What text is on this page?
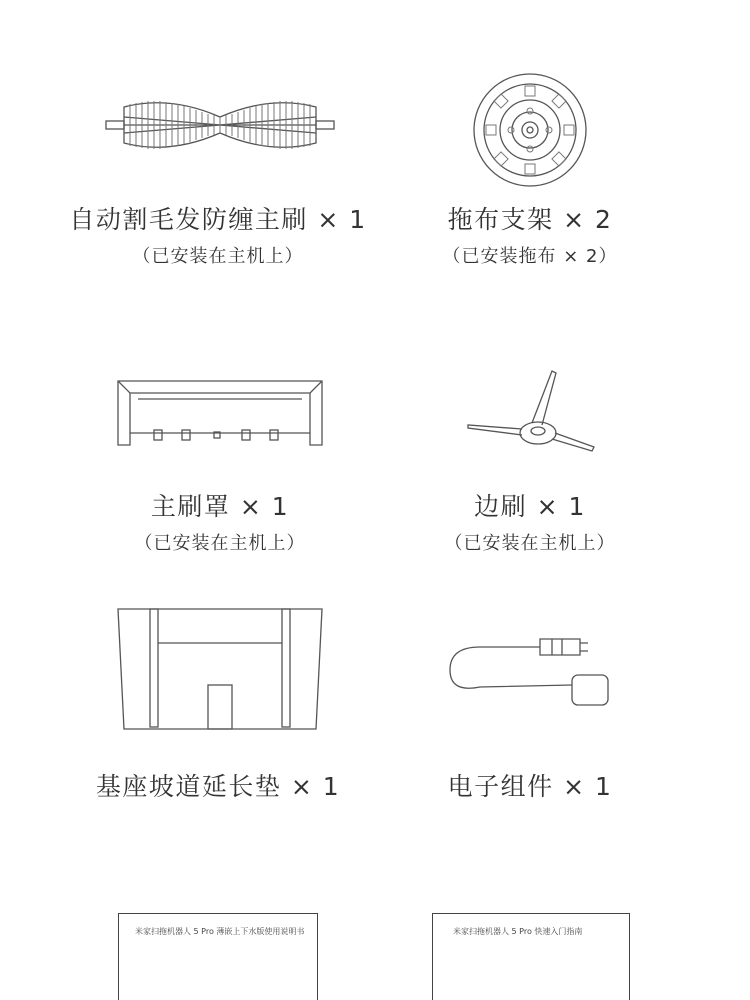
自动割毛发防缠主刷 × 1
（已安装在主机上）
拖布支架 × 2
（已安装拖布 × 2）
主刷罩 × 1
（已安装在主机上）
边刷 × 1
（已安装在主机上）
基座坡道延长垫 × 1	电子组件 × 1
米家扫拖机器人 5 Pro 薄嵌上下水版使用说明书	米家扫拖机器人 5 Pro 快速入门指南
